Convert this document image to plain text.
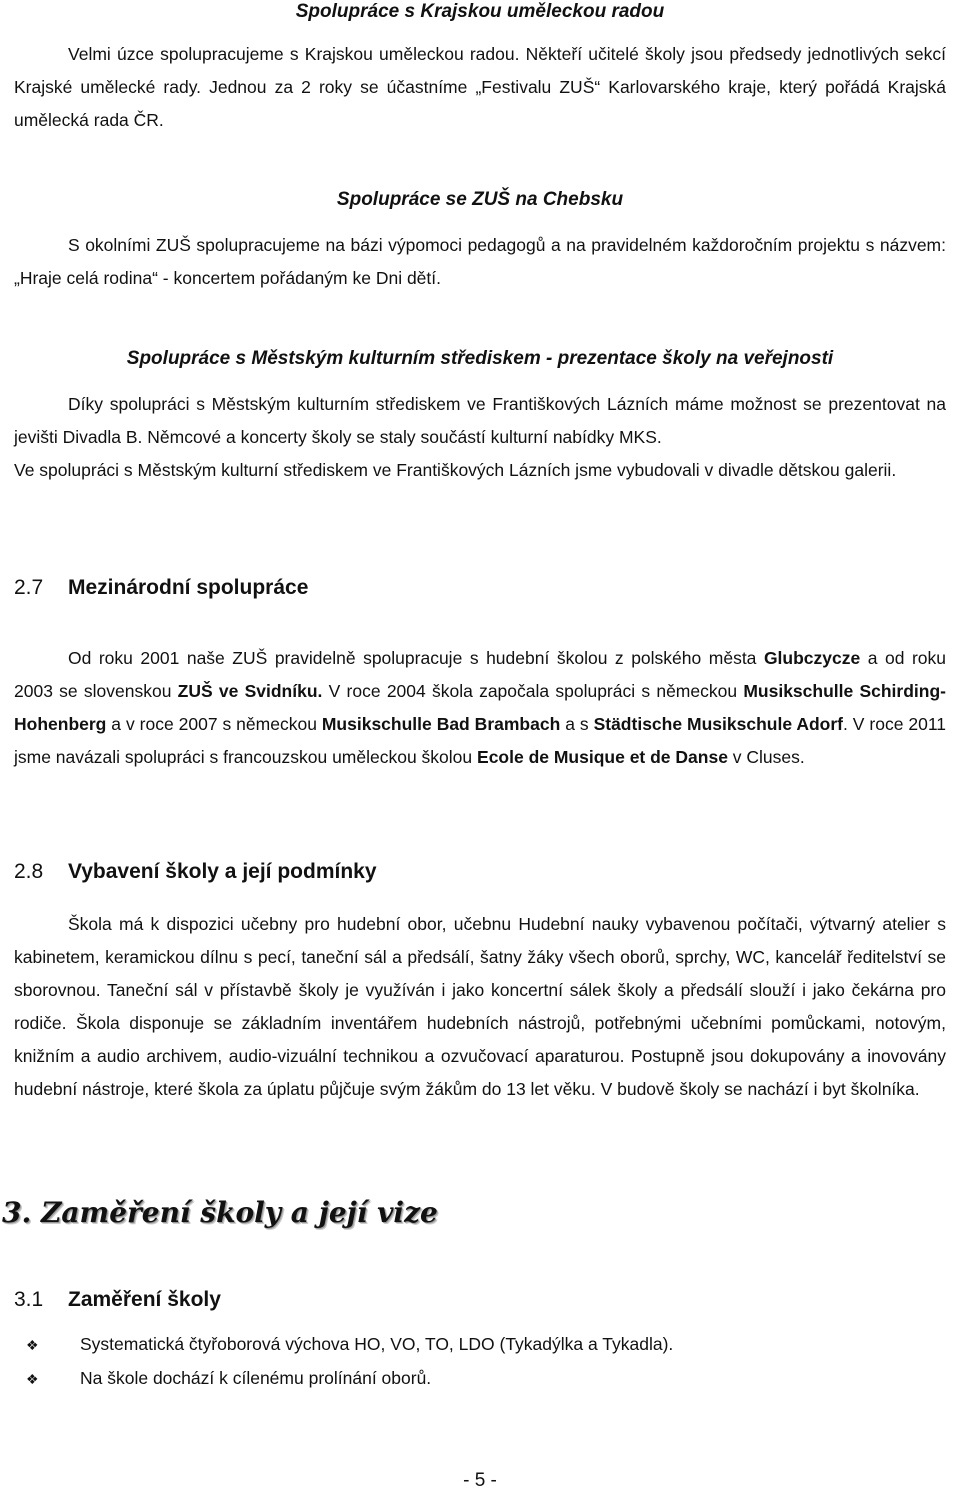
Spolupráce s Krajskou uměleckou radou

Velmi úzce spolupracujeme s Krajskou uměleckou radou. Někteří učitelé školy jsou předsedy jednotlivých sekcí Krajské umělecké rady. Jednou za 2 roky se účastníme „Festivalu ZUŠ“ Karlovarského kraje, který pořádá Krajská umělecká rada ČR.

Spolupráce se ZUŠ na Chebsku

S okolními ZUŠ spolupracujeme na bázi výpomoci pedagogů a na pravidelném každoročním projektu s názvem: „Hraje celá rodina“ - koncertem pořádaným ke Dni dětí.

Spolupráce s Městským kulturním střediskem - prezentace školy na veřejnosti

Díky spolupráci s Městským kulturním střediskem ve Františkových Lázních máme možnost se prezentovat na jevišti Divadla B. Němcové a koncerty školy se staly součástí kulturní nabídky MKS.

Ve spolupráci s Městským kulturní střediskem ve Františkových Lázních jsme vybudovali v divadle dětskou galerii.

2.7	Mezinárodní spolupráce

Od roku 2001 naše ZUŠ pravidelně spolupracuje s hudební školou z polského města Glubczycze a od roku 2003 se slovenskou ZUŠ ve Svidníku. V roce 2004 škola započala spolupráci s německou Musikschulle Schirding-Hohenberg a v roce 2007 s německou Musikschulle Bad Brambach a s Städtische Musikschule Adorf. V roce 2011 jsme navázali spolupráci s francouzskou uměleckou školou Ecole de Musique et de Danse v Cluses.

2.8	Vybavení školy a její podmínky

Škola má k dispozici učebny pro hudební obor, učebnu Hudební nauky vybavenou počítači, výtvarný atelier s kabinetem, keramickou dílnu s pecí, taneční sál a předsálí, šatny žáky všech oborů, sprchy, WC, kancelář ředitelství se sborovnou. Taneční sál v přístavbě školy je využíván i jako koncertní sálek školy a předsálí slouží i jako čekárna pro rodiče. Škola disponuje se základním inventářem hudebních nástrojů, potřebnými učebními pomůckami, notovým, knižním a audio archivem, audio-vizuální technikou a ozvučovací aparaturou. Postupně jsou dokupovány a inovovány hudební nástroje, které škola za úplatu půjčuje svým žákům do 13 let věku. V budově školy se nachází i byt školníka.

3. Zaměření školy a její vize
3.1	Zaměření školy
❖	Systematická čtyřoborová výchova HO, VO, TO, LDO (Tykadýlka a Tykadla).
❖	Na škole dochází k cílenému prolínání oborů.
- 5 -
